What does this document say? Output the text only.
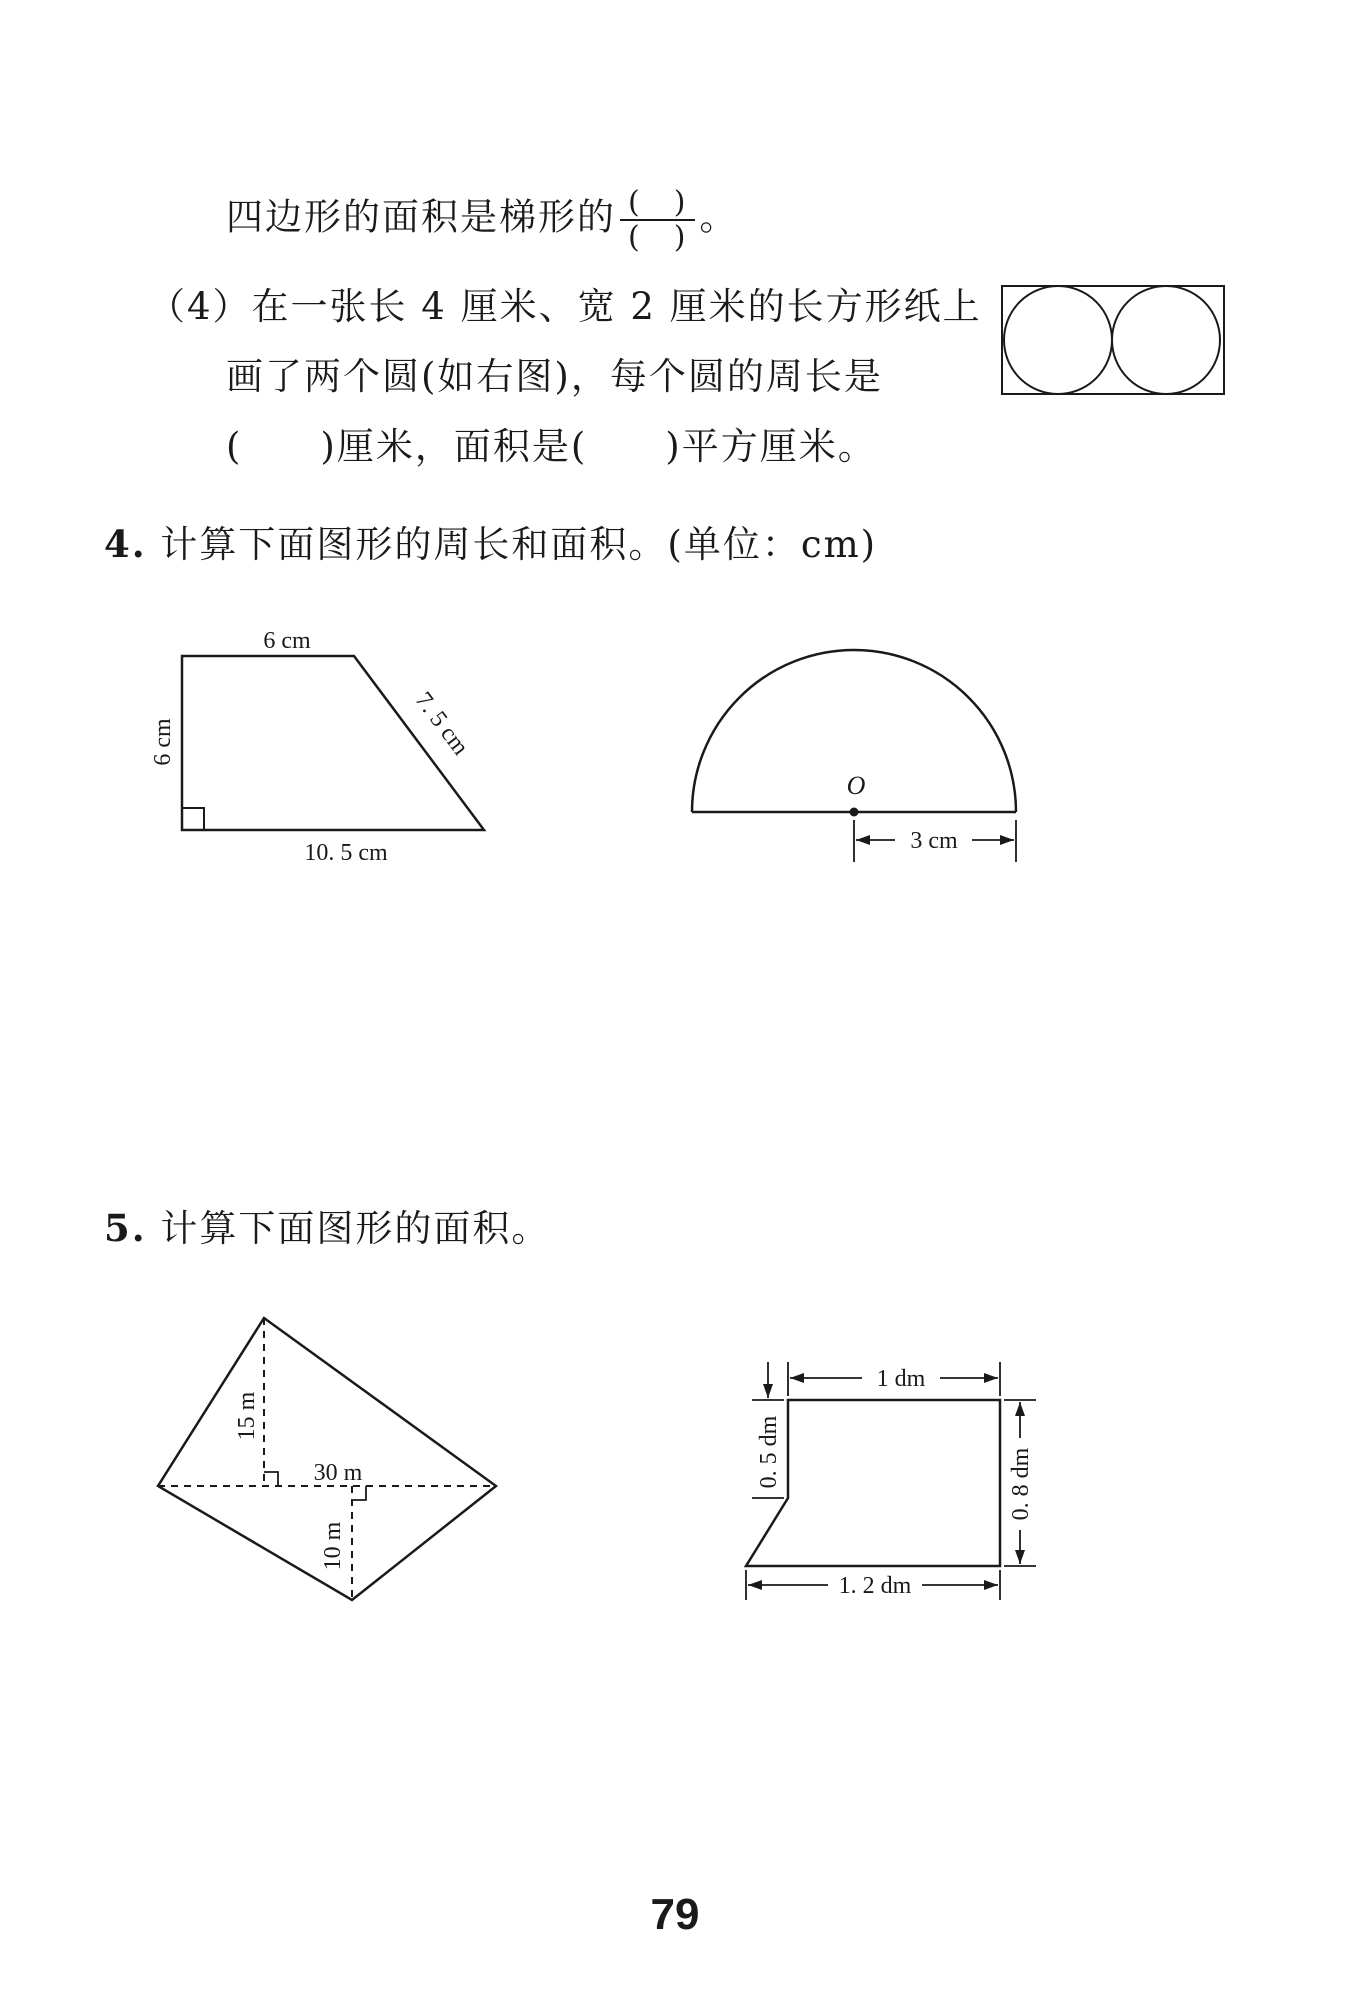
四边形的面积是梯形的 $\frac{( )}{( )}$ 。
（4）在一张长 4 厘米、宽 2 厘米的长方形纸上
画了两个圆(如右图)，每个圆的周长是
(　　)厘米，面积是(　　)平方厘米。
4. 计算下面图形的周长和面积。(单位：cm)
6 cm
6 cm	7. 5 cm
10. 5 cm
O
3 cm
5. 计算下面图形的面积。
15 m
30 m
10 m
1 dm
0. 5 dm	0. 8 dm
1. 2 dm
79
